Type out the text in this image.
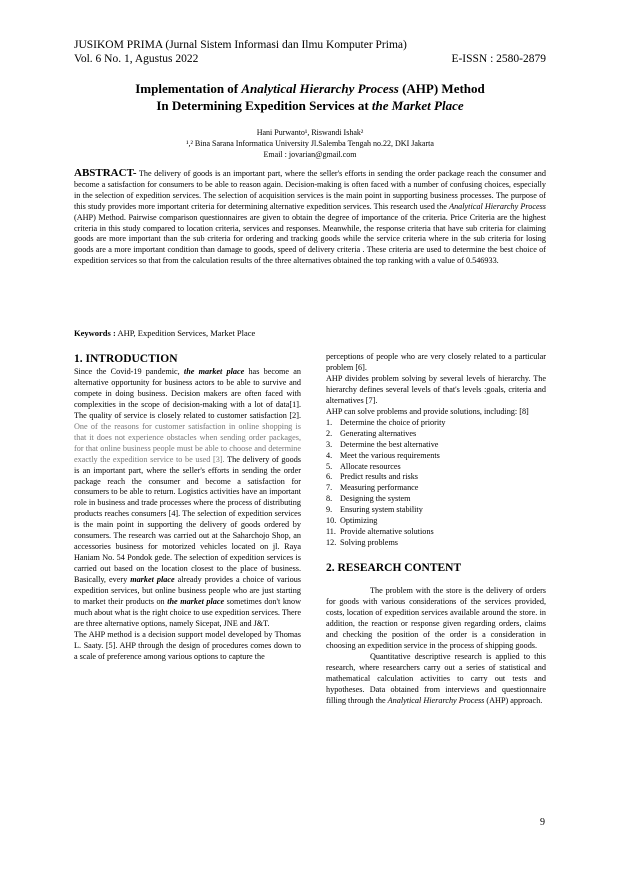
JUSIKOM PRIMA (Jurnal Sistem Informasi dan Ilmu Komputer Prima)
Vol. 6 No. 1, Agustus 2022	E-ISSN : 2580-2879
Implementation of Analytical Hierarchy Process (AHP) Method
In Determining Expedition Services at the Market Place
Hani Purwanto¹, Riswandi Ishak²
¹,² Bina Sarana Informatica University Jl.Salemba Tengah no.22, DKI Jakarta
Email : jovarian@gmail.com
ABSTRACT- The delivery of goods is an important part, where the seller's efforts in sending the order package reach the consumer and become a satisfaction for consumers to be able to reason again. Decision-making is often faced with a number of confusing choices, especially in the selection of expedition services. The selection of acquisition services is the main point in supporting business processes. The purpose of this study provides more important criteria for determining alternative expedition services. This research used the Analytical Hierarchy Process (AHP) Method. Pairwise comparison questionnaires are given to obtain the degree of importance of the criteria. Price Criteria are the highest criteria in this study compared to location criteria, services and responses. Meanwhile, the response criteria that have sub criteria for claiming goods are more important than the sub criteria for ordering and tracking goods while the service criteria where in the sub criteria for losing goods are a more important condition than damage to goods, speed of delivery criteria . These criteria are used to determine the best choice of expedition services so that from the calculation results of the three alternatives obtained the top ranking with a value of 0.546933.
Keywords : AHP, Expedition Services, Market Place
1. INTRODUCTION

Since the Covid-19 pandemic, the market place has become an alternative opportunity for business actors to be able to survive and compete in doing business. Decision makers are often faced with complexities in the scope of decision-making with a lot of data[1]. The quality of service is closely related to customer satisfaction [2]. One of the reasons for customer satisfaction in online shopping is that it does not experience obstacles when sending order packages, for that online business people must be able to choose and determine exactly the expedition service to be used [3]. The delivery of goods is an important part, where the seller's efforts in sending the order package reach the consumer and become a satisfaction for consumers to be able to return. Logistics activities have an important role in business and trade processes where the process of distributing products reaches consumers [4]. The selection of expedition services is the main point in supporting the delivery of goods ordered by consumers. The research was carried out at the Saharchojo Shop, an accessories business for motorized vehicles located on jl. Raya Haniam No. 54 Pondok gede. The selection of expedition services is carried out based on the location closest to the place of business. Basically, every market place already provides a choice of various expedition services, but online business people who are just starting to market their products on the market place sometimes don't know much about what is the right choice to use expedition services. There are three alternative options, namely Sicepat, JNE and J&T.

The AHP method is a decision support model developed by Thomas L. Saaty. [5]. AHP through the design of procedures comes down to a scale of preference among various options to capture the

perceptions of people who are very closely related to a particular problem [6].

AHP divides problem solving by several levels of hierarchy. The hierarchy defines several levels of that's levels :goals, criteria and alternatives [7].

AHP can solve problems and provide solutions, including: [8]

1. Determine the choice of priority
2. Generating alternatives
3. Determine the best alternative
4. Meet the various requirements
5. Allocate resources
6. Predict results and risks
7. Measuring performance
8. Designing the system
9. Ensuring system stability
10. Optimizing
11. Provide alternative solutions
12. Solving problems
2. RESEARCH CONTENT

The problem with the store is the delivery of orders for goods with various considerations of the services provided, costs, location of expedition services available around the store. in addition, the reaction or response given regarding orders, claims and checking the position of the order is a consideration in choosing an expedition service in the process of shipping goods.

Quantitative descriptive research is applied to this research, where researchers carry out a series of statistical and mathematical calculation activities to carry out tests and hypotheses. Data obtained from interviews and questionnaire filling through the Analytical Hierarchy Process (AHP) approach.

9
